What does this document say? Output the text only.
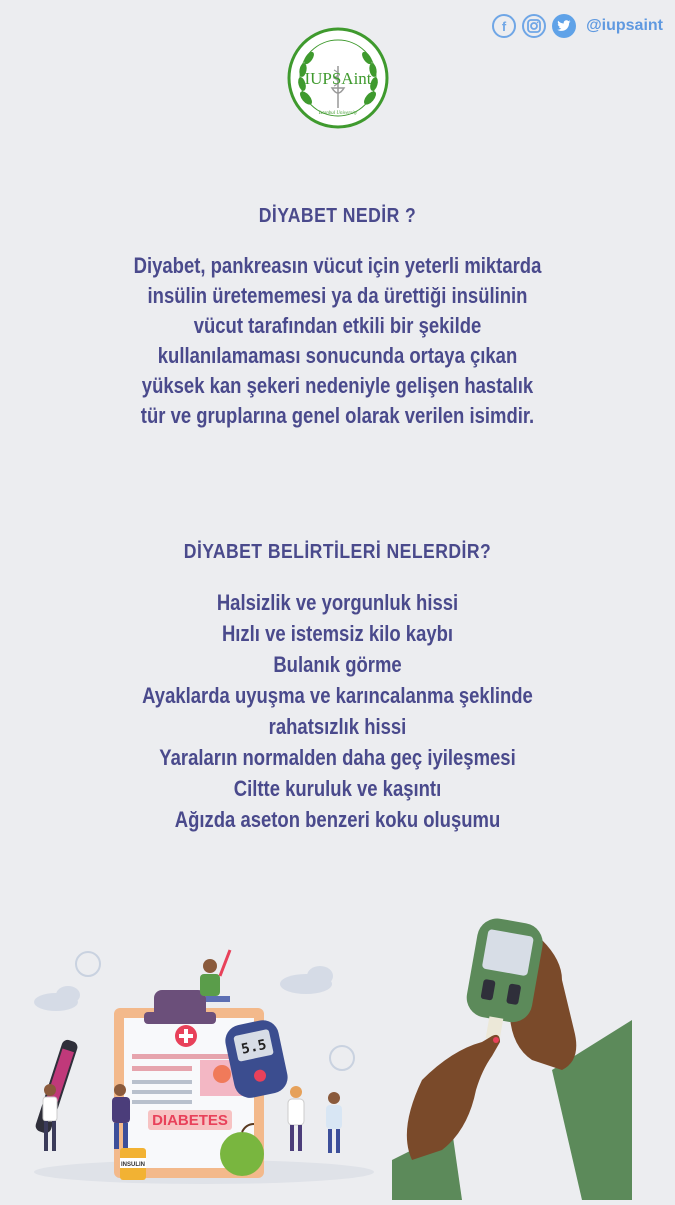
f	@iupsaint
IUPSAint
Istanbul University
DİYABET NEDİR ?
Diyabet, pankreasın vücut için yeterli miktarda
insülin üretememesi ya da ürettiği insülinin
vücut tarafından etkili bir şekilde
kullanılamaması sonucunda ortaya çıkan
yüksek kan şekeri nedeniyle gelişen hastalık
tür ve gruplarına genel olarak verilen isimdir.
DİYABET BELİRTİLERİ NELERDİR?
Halsizlik ve yorgunluk hissi
Hızlı ve istemsiz kilo kaybı
Bulanık görme
Ayaklarda uyuşma ve karıncalanma şeklinde
rahatsızlık hissi
Yaraların normalden daha geç iyileşmesi
Ciltte kuruluk ve kaşıntı
Ağızda aseton benzeri koku oluşumu
DIABETES
5.5
INSULIN
